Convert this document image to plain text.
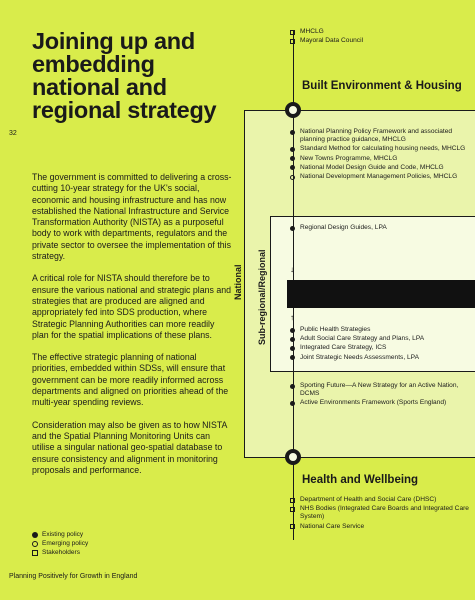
Joining up and embedding national and regional strategy
32

The government is committed to delivering a cross-cutting 10-year strategy for the UK's social, economic and housing infrastructure and has now established the National Infrastructure and Service Transformation Authority (NISTA) as a purposeful body to work with departments, regulators and the private sector to oversee the implementation of this strategy.

A critical role for NISTA should therefore be to ensure the various national and strategic plans and strategies that are produced are aligned and appropriately fed into SDS production, where Strategic Planning Authorities can more readily plan for the spatial implications of these plans.

The effective strategic planning of national priorities, embedded within SDSs, will ensure that government can be more readily informed across departments and aligned on priorities ahead of the multi-year spending reviews.

Consideration may also be given as to how NISTA and the Spatial Planning Monitoring Units can utilise a singular national geo-spatial database to ensure consistency and alignment in monitoring proposals and performance.

Existing policy
Emerging policy
Stakeholders
Planning Positively for Growth in England
National Sub-regional/Regional
MHCLG
Mayoral Data Council
Built Environment & Housing
National Planning Policy Framework and associated planning practice guidance, MHCLG
Standard Method for calculating housing needs, MHCLG
New Towns Programme, MHCLG
National Model Design Guide and Code, MHCLG
National Development Management Policies, MHCLG
Regional Design Guides, LPA
↓
↑
Public Health Strategies
Adult Social Care Strategy and Plans, LPA
Integrated Care Strategy, ICS
Joint Strategic Needs Assessments, LPA
Sporting Future—A New Strategy for an Active Nation, DCMS
Active Environments Framework (Sports England)
Health and Wellbeing
Department of Health and Social Care (DHSC)
NHS Bodies (Integrated Care Boards and Integrated Care System)
National Care Service
